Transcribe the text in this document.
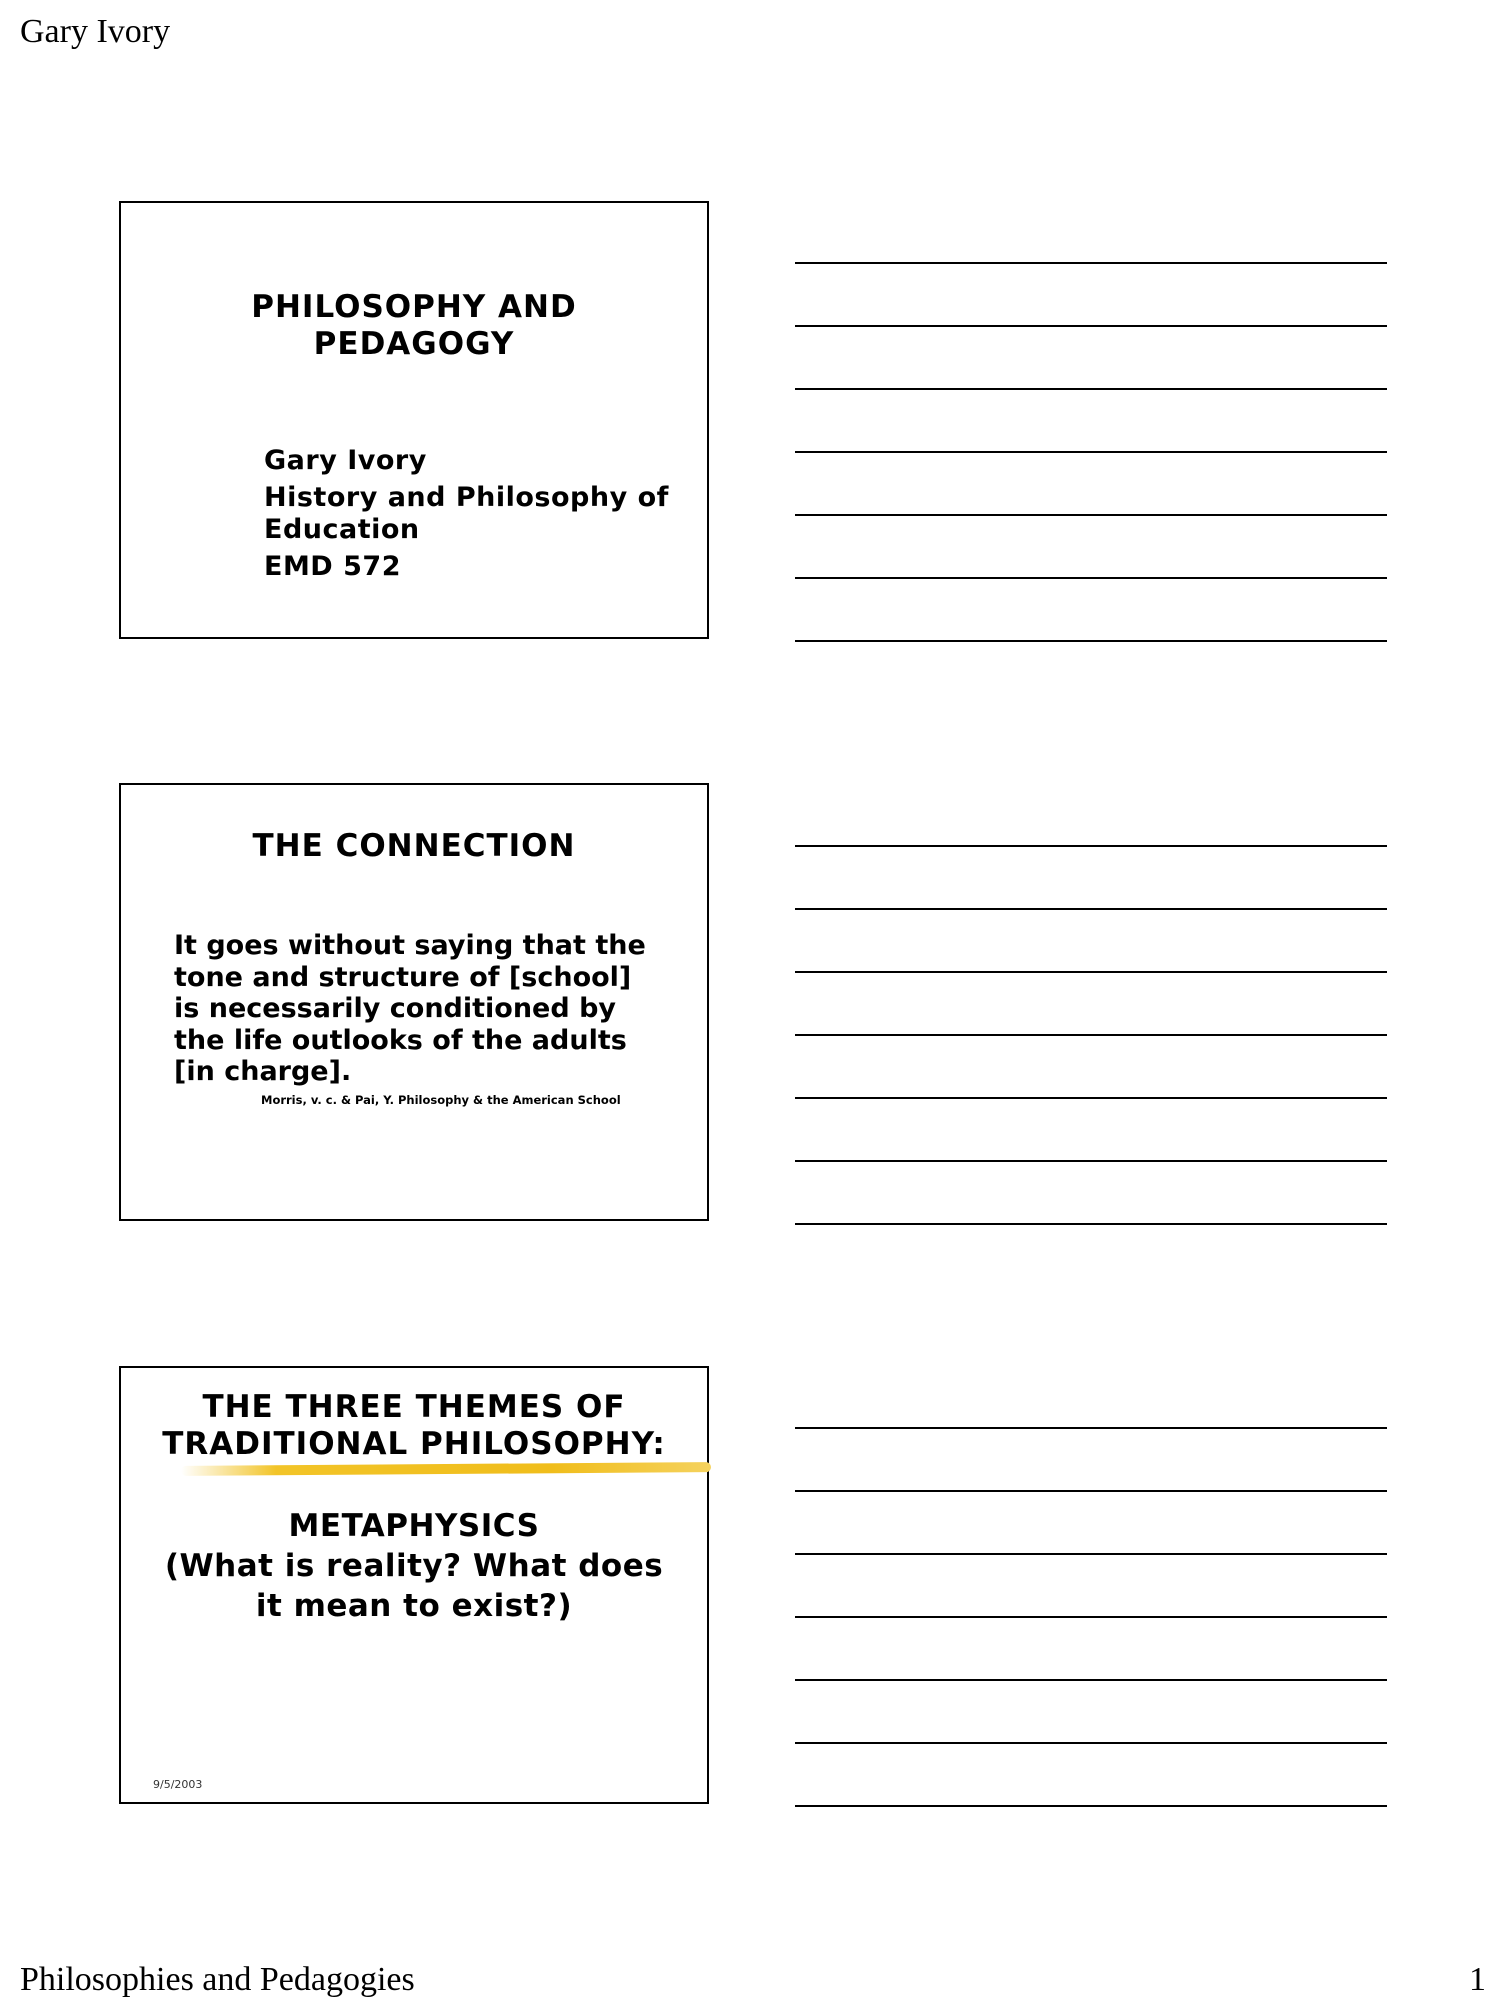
Gary Ivory
PHILOSOPHY AND
PEDAGOGY
Gary Ivory
History and Philosophy of Education
EMD 572
THE CONNECTION
It goes without saying that the tone and structure of [school] is necessarily conditioned by the life outlooks of the adults [in charge].
Morris, v. c. & Pai, Y. Philosophy & the American School
THE THREE THEMES OF
TRADITIONAL PHILOSOPHY:
METAPHYSICS
(What is reality? What does
it mean to exist?)
9/5/2003
Philosophies and Pedagogies	1
